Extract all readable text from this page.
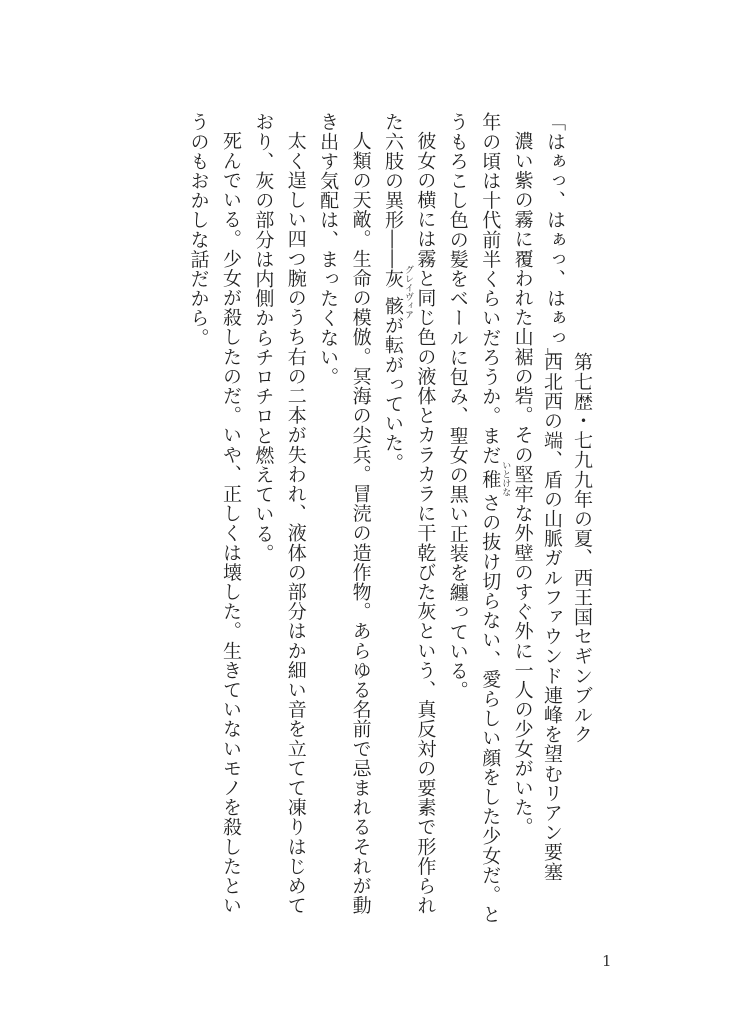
第七歴・七九九年の夏、西王国セギンブルク
西北西の端、盾の山脈ガルファウンド連峰を望むリアン要塞

「はぁっ、はぁっ、はぁっ」

濃い紫の霧に覆われた山裾の砦。その堅牢な外壁のすぐ外に一人の少女がいた。
年の頃は十代前半くらいだろうか。まだ稚 いとけなさの抜け切らない、愛らしい顔をした少女だ。とうもろこし色の髪をベールに包み、聖女の黒い正装を纏っている。

彼女の横には霧と同じ色の液体とカラカラに干乾びた灰という、真反対の要素で形作られた六肢の異形――灰骸 グレイヴィアが転がっていた。

人類の天敵。生命の模倣。冥海の尖兵。冒涜の造作物。あらゆる名前で忌まれるそれが動き出す気配は、まったくない。

太く逞しい四つ腕のうち右の二本が失われ、液体の部分はか細い音を立てて凍りはじめており、灰の部分は内側からチロチロと燃えている。

死んでいる。少女が殺したのだ。いや、正しくは壊した。生きていないモノを殺したというのもおかしな話だから。

1
